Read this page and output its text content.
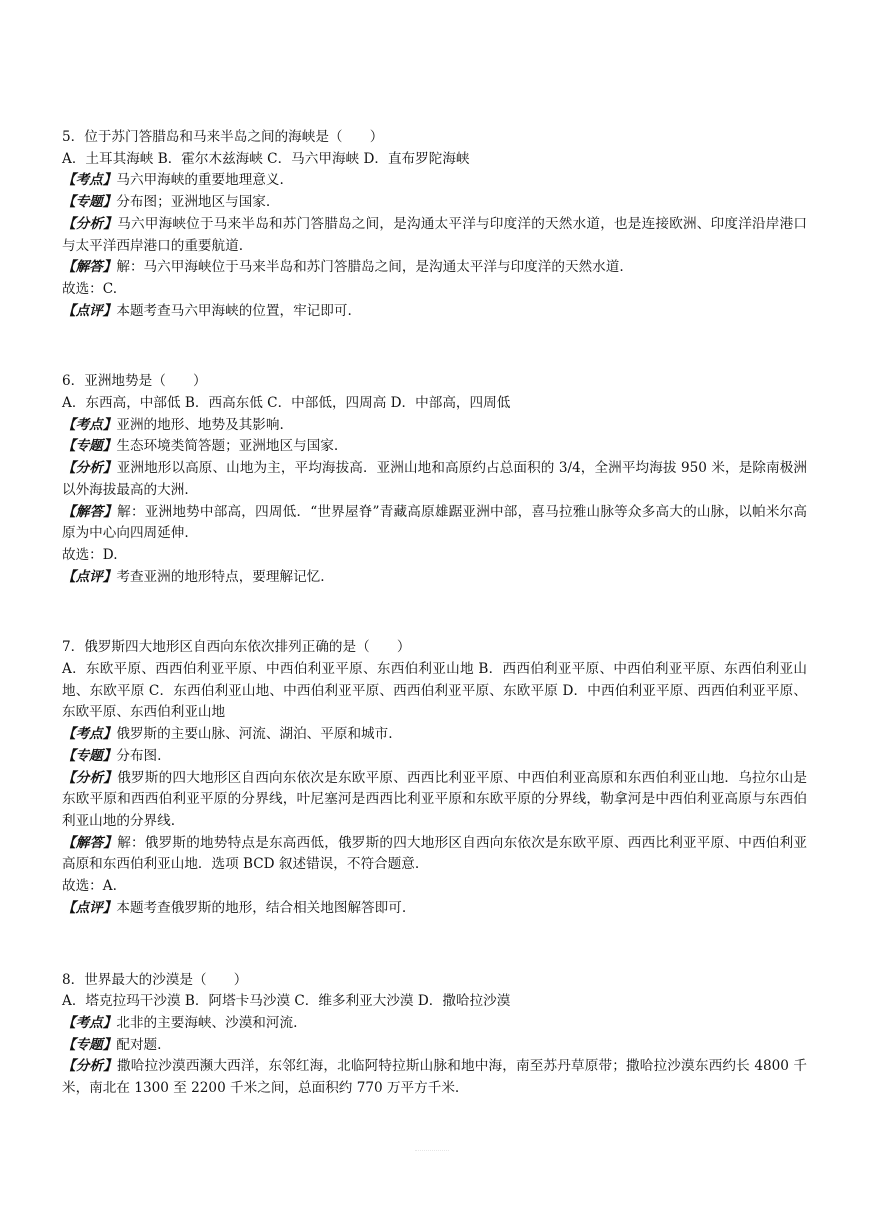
5．位于苏门答腊岛和马来半岛之间的海峡是（　　）
A．土耳其海峡 B．霍尔木兹海峡 C．马六甲海峡 D．直布罗陀海峡
【考点】马六甲海峡的重要地理意义.
【专题】分布图；亚洲地区与国家.
【分析】马六甲海峡位于马来半岛和苏门答腊岛之间，是沟通太平洋与印度洋的天然水道，也是连接欧洲、印度洋沿岸港口与太平洋西岸港口的重要航道.
【解答】解：马六甲海峡位于马来半岛和苏门答腊岛之间，是沟通太平洋与印度洋的天然水道.
故选：C.
【点评】本题考查马六甲海峡的位置，牢记即可.
6．亚洲地势是（　　）
A．东西高，中部低 B．西高东低 C．中部低，四周高 D．中部高，四周低
【考点】亚洲的地形、地势及其影响.
【专题】生态环境类简答题；亚洲地区与国家.
【分析】亚洲地形以高原、山地为主，平均海拔高．亚洲山地和高原约占总面积的 3/4，全洲平均海拔 950 米，是除南极洲以外海拔最高的大洲.
【解答】解：亚洲地势中部高，四周低．“世界屋脊”青藏高原雄踞亚洲中部，喜马拉雅山脉等众多高大的山脉，以帕米尔高原为中心向四周延伸.
故选：D.
【点评】考查亚洲的地形特点，要理解记忆.
7．俄罗斯四大地形区自西向东依次排列正确的是（　　）
A．东欧平原、西西伯利亚平原、中西伯利亚平原、东西伯利亚山地 B．西西伯利亚平原、中西伯利亚平原、东西伯利亚山地、东欧平原 C．东西伯利亚山地、中西伯利亚平原、西西伯利亚平原、东欧平原 D．中西伯利亚平原、西西伯利亚平原、东欧平原、东西伯利亚山地
【考点】俄罗斯的主要山脉、河流、湖泊、平原和城市.
【专题】分布图.
【分析】俄罗斯的四大地形区自西向东依次是东欧平原、西西比利亚平原、中西伯利亚高原和东西伯利亚山地．乌拉尔山是东欧平原和西西伯利亚平原的分界线，叶尼塞河是西西比利亚平原和东欧平原的分界线，勒拿河是中西伯利亚高原与东西伯利亚山地的分界线.
【解答】解：俄罗斯的地势特点是东高西低，俄罗斯的四大地形区自西向东依次是东欧平原、西西比利亚平原、中西伯利亚高原和东西伯利亚山地．选项 BCD 叙述错误，不符合题意.
故选：A.
【点评】本题考查俄罗斯的地形，结合相关地图解答即可.
8．世界最大的沙漠是（　　）
A．塔克拉玛干沙漠 B．阿塔卡马沙漠 C．维多利亚大沙漠 D．撒哈拉沙漠
【考点】北非的主要海峡、沙漠和河流.
【专题】配对题.
【分析】撒哈拉沙漠西濒大西洋，东邻红海，北临阿特拉斯山脉和地中海，南至苏丹草原带；撒哈拉沙漠东西约长 4800 千米，南北在 1300 至 2200 千米之间，总面积约 770 万平方千米.
